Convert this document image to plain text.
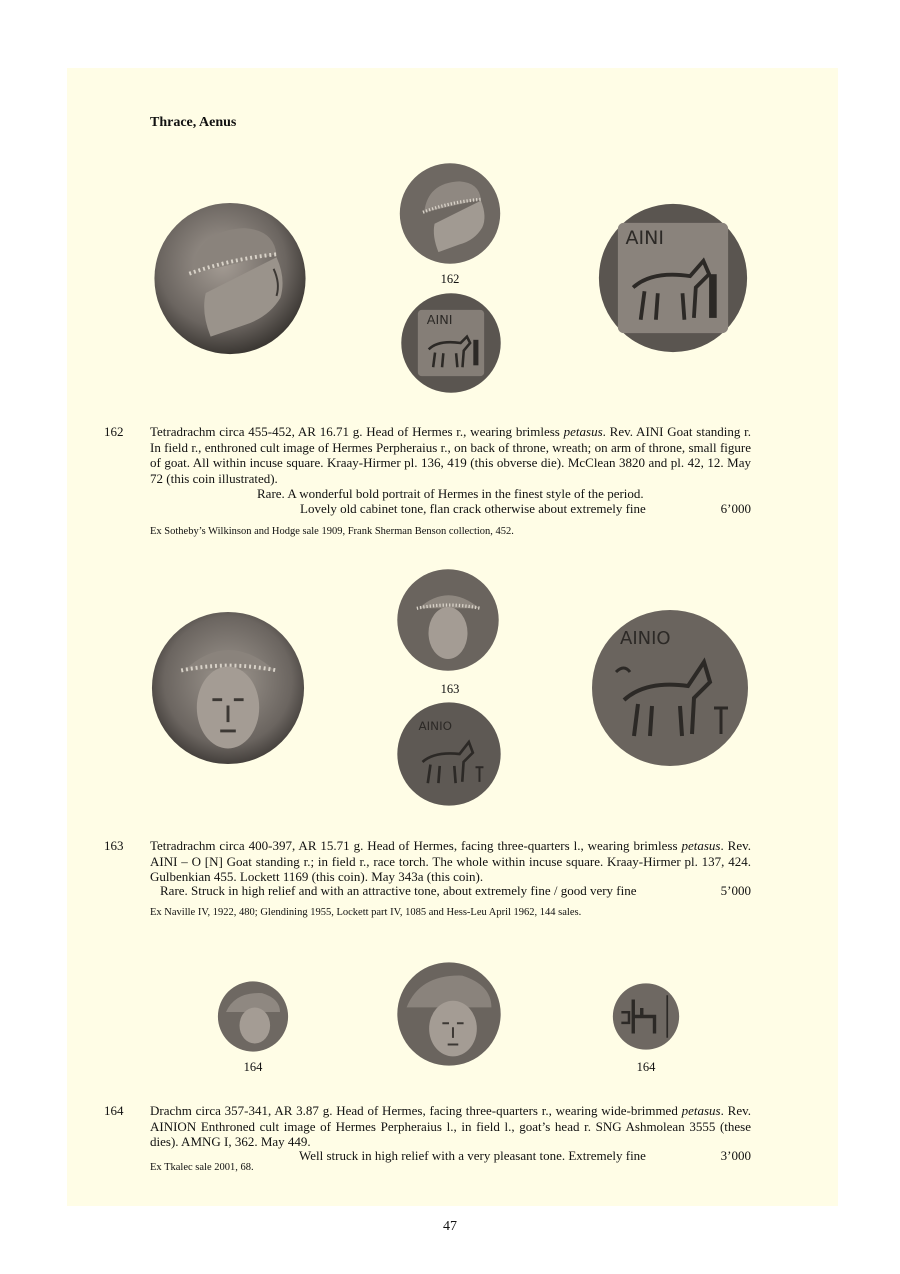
Thrace, Aenus
162
AINI
AINI
162 Tetradrachm circa 455-452, AR 16.71 g. Head of Hermes r., wearing brimless petasus. Rev. AINI Goat standing r. In field r., enthroned cult image of Hermes Perpheraius r., on back of throne, wreath; on arm of throne, small figure of goat. All within incuse square. Kraay-Hirmer pl. 136, 419 (this obverse die). McClean 3820 and pl. 42, 12. May 72 (this coin illustrated).

Rare. A wonderful bold portrait of Hermes in the finest style of the period.
Lovely old cabinet tone, flan crack otherwise about extremely fine	6’000
Ex Sotheby’s Wilkinson and Hodge sale 1909, Frank Sherman Benson collection, 452.
163
AINIO
AINIO
163 Tetradrachm circa 400-397, AR 15.71 g. Head of Hermes, facing three-quarters l., wearing brimless petasus. Rev. AINI – O [N] Goat standing r.; in field r., race torch. The whole within incuse square. Kraay-Hirmer pl. 137, 424. Gulbenkian 455. Lockett 1169 (this coin). May 343a (this coin).

Rare. Struck in high relief and with an attractive tone, about extremely fine / good very fine	5’000
Ex Naville IV, 1922, 480; Glendining 1955, Lockett part IV, 1085 and Hess-Leu April 1962, 144 sales.
164	164
164 Drachm circa 357-341, AR 3.87 g. Head of Hermes, facing three-quarters r., wearing wide-brimmed petasus. Rev. AINION Enthroned cult image of Hermes Perpheraius l., in field l., goat’s head r. SNG Ashmolean 3555 (these dies). AMNG I, 362. May 449.

Well struck in high relief with a very pleasant tone. Extremely fine	3’000
Ex Tkalec sale 2001, 68.
47
